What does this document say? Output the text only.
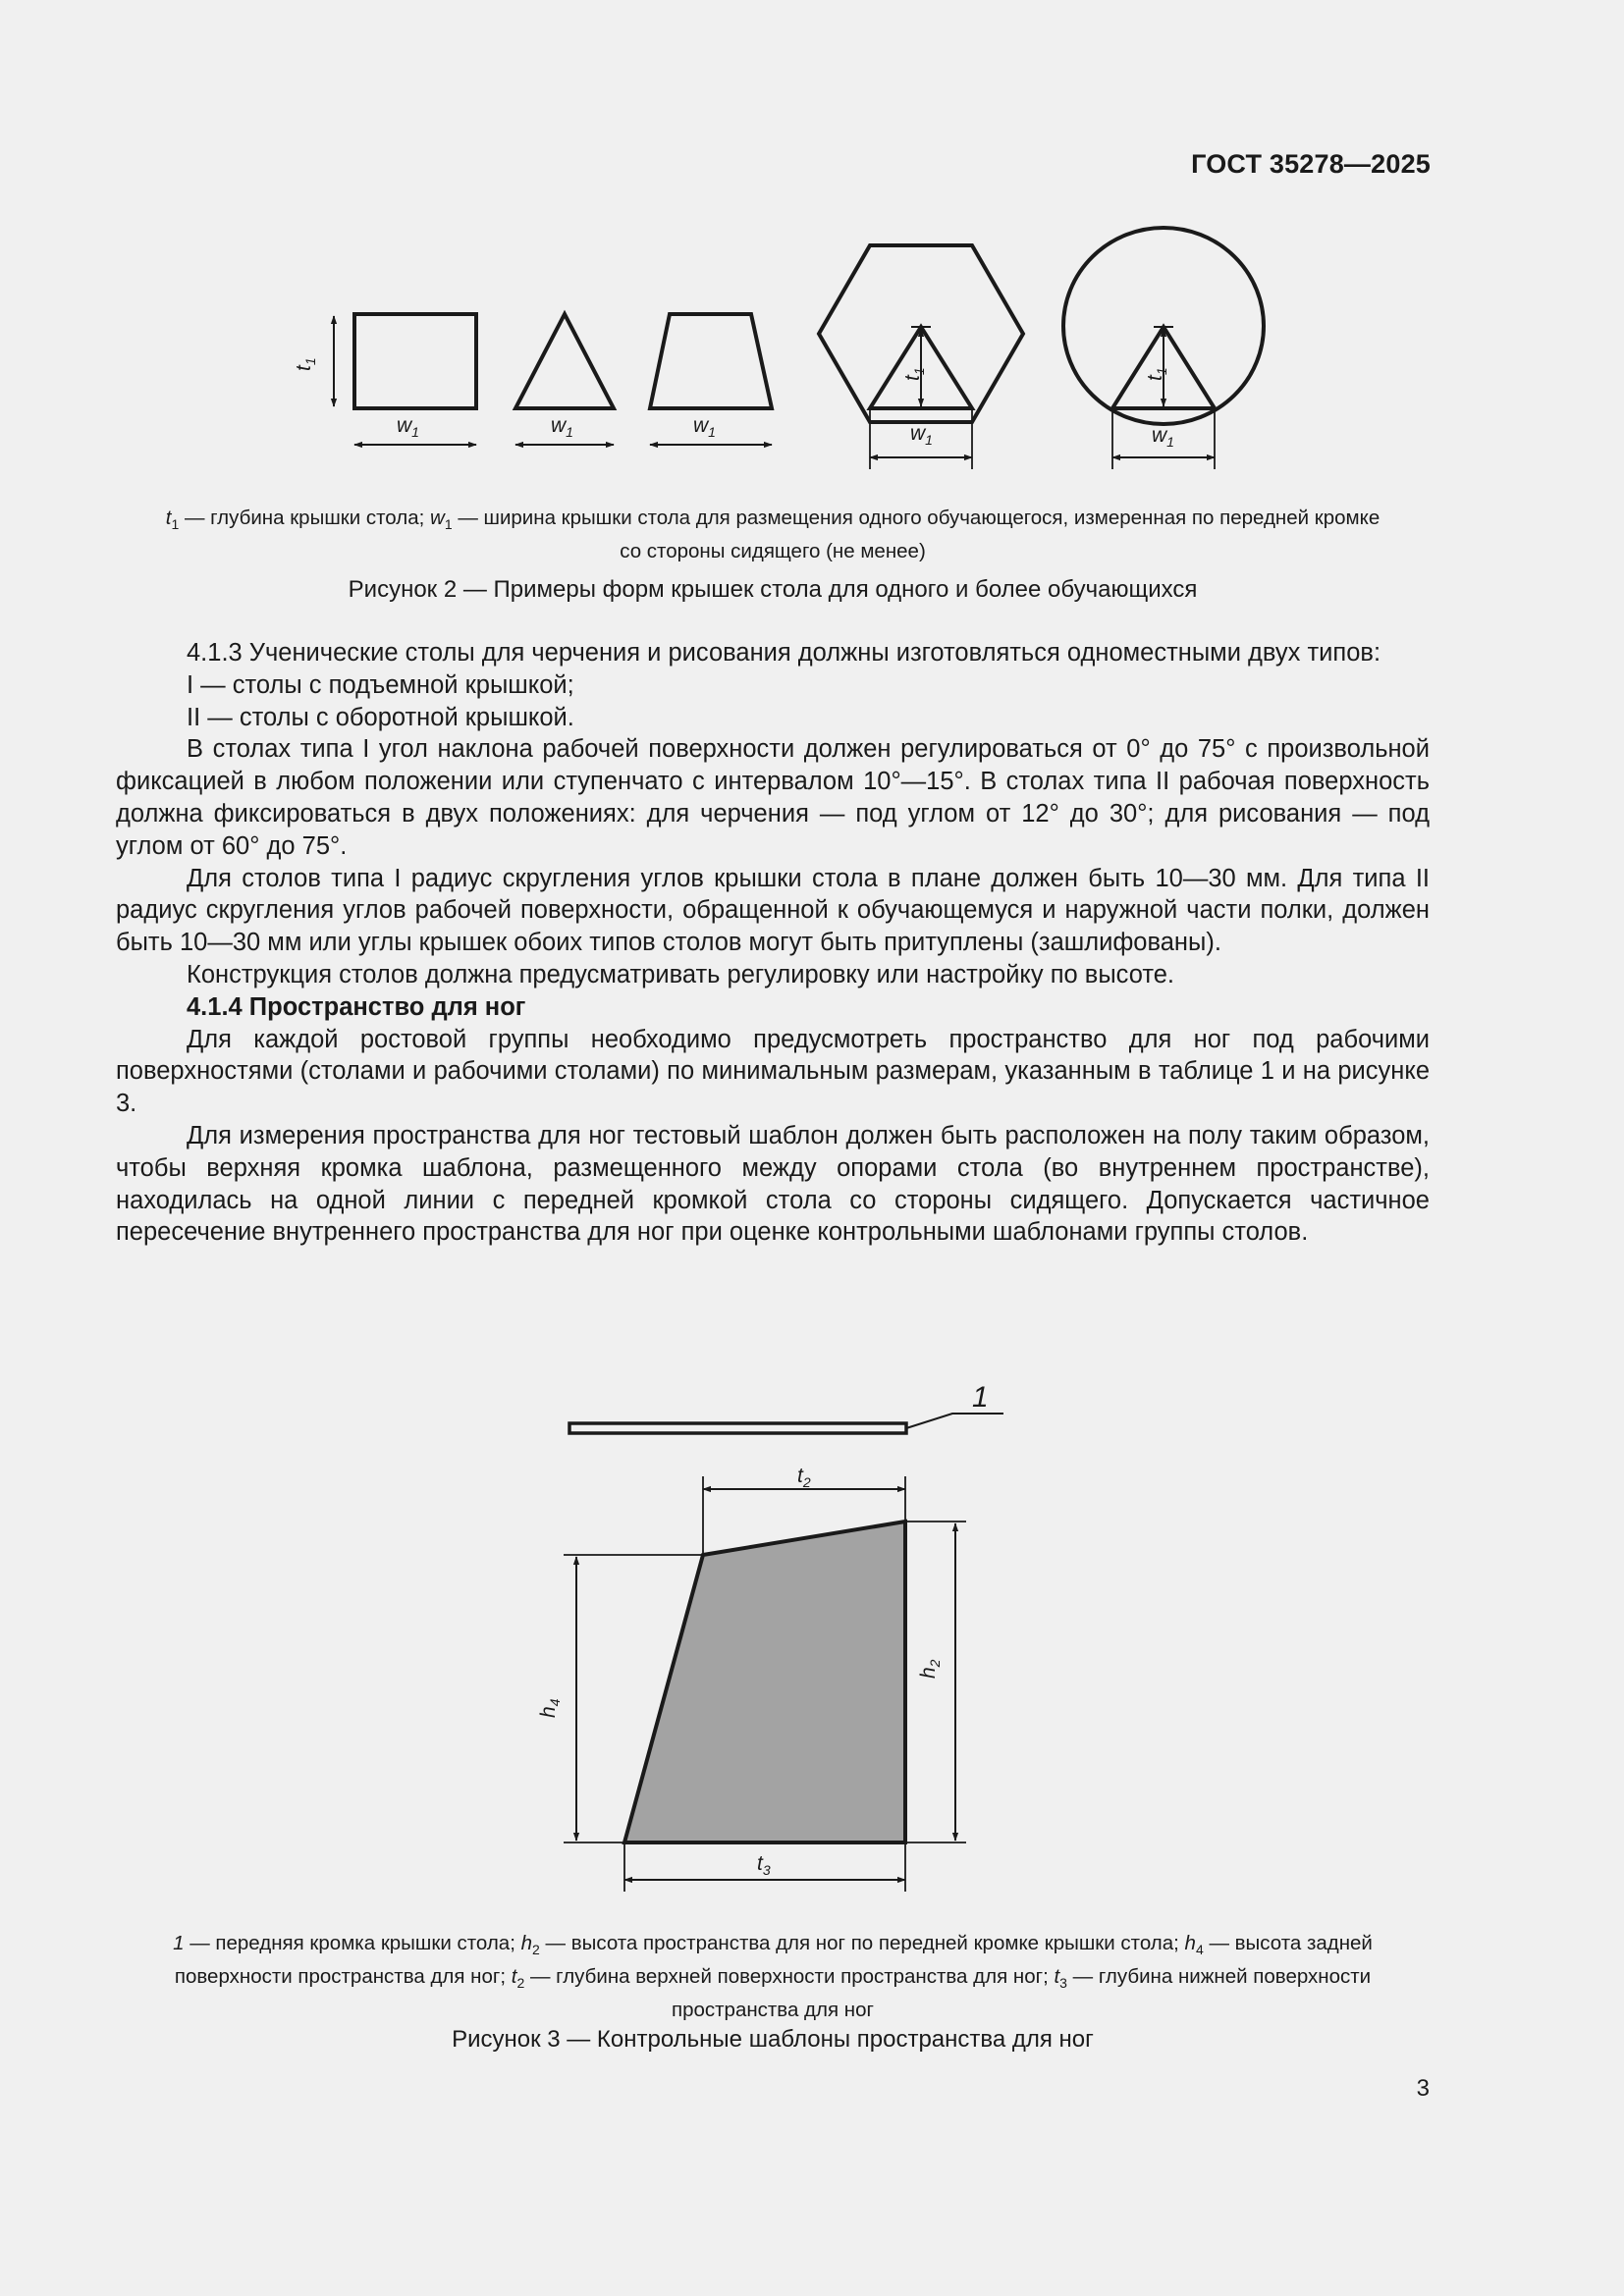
ГОСТ 35278—2025
$t_1$
$w_1$	$w_1$	$w_1$	$w_1$
$t_1$
$w_1$
$t_1$
$t_1$ — глубина крышки стола; $w_1$ — ширина крышки стола для размещения одного обучающегося, измеренная по передней кромке
со стороны сидящего (не менее)
Рисунок 2 — Примеры форм крышек стола для одного и более обучающихся

4.1.3 Ученические столы для черчения и рисования должны изготовляться одноместными двух типов:

I — столы с подъемной крышкой;

II — столы с оборотной крышкой.

В столах типа I угол наклона рабочей поверхности должен регулироваться от 0° до 75° с произвольной фиксацией в любом положении или ступенчато с интервалом 10°—15°. В столах типа II рабочая поверхность должна фиксироваться в двух положениях: для черчения — под углом от 12° до 30°; для рисования — под углом от 60° до 75°.

Для столов типа I радиус скругления углов крышки стола в плане должен быть 10—30 мм. Для типа II радиус скругления углов рабочей поверхности, обращенной к обучающемуся и наружной части полки, должен быть 10—30 мм или углы крышек обоих типов столов могут быть притуплены (зашлифованы).

Конструкция столов должна предусматривать регулировку или настройку по высоте.

4.1.4 Пространство для ног

Для каждой ростовой группы необходимо предусмотреть пространство для ног под рабочими поверхностями (столами и рабочими столами) по минимальным размерам, указанным в таблице 1 и на рисунке 3.

Для измерения пространства для ног тестовый шаблон должен быть расположен на полу таким образом, чтобы верхняя кромка шаблона, размещенного между опорами стола (во внутреннем пространстве), находилась на одной линии с передней кромкой стола со стороны сидящего. Допускается частичное пересечение внутреннего пространства для ног при оценке контрольными шаблонами группы столов.

1
$t_2$
$h_4$
$h_2$
$t_3$
1 — передняя кромка крышки стола; $h_2$ — высота пространства для ног по передней кромке крышки стола; $h_4$ — высота задней
поверхности пространства для ног; $t_2$ — глубина верхней поверхности пространства для ног; $t_3$ — глубина нижней поверхности
пространства для ног
Рисунок 3 — Контрольные шаблоны пространства для ног
3
